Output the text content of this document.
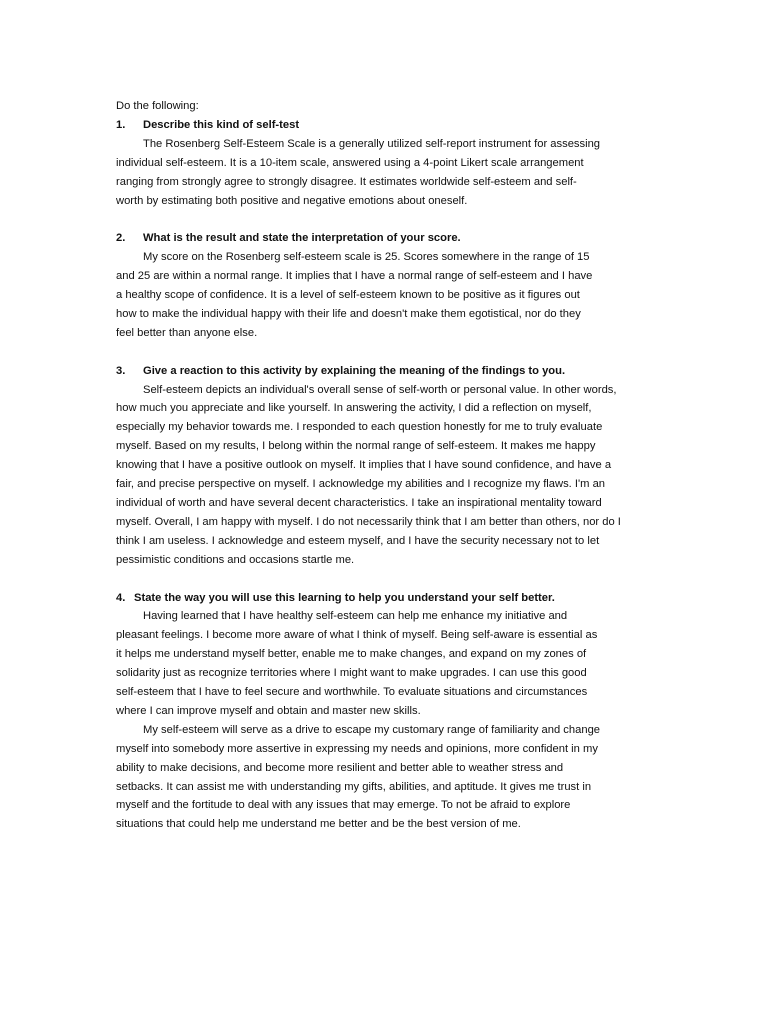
Do the following:
1. Describe this kind of self-test
The Rosenberg Self-Esteem Scale is a generally utilized self-report instrument for assessing
individual self-esteem. It is a 10-item scale, answered using a 4-point Likert scale arrangement
ranging from strongly agree to strongly disagree. It estimates worldwide self-esteem and self-
worth by estimating both positive and negative emotions about oneself.
2. What is the result and state the interpretation of your score.
My score on the Rosenberg self-esteem scale is 25. Scores somewhere in the range of 15
and 25 are within a normal range. It implies that I have a normal range of self-esteem and I have
a healthy scope of confidence. It is a level of self-esteem known to be positive as it figures out
how to make the individual happy with their life and doesn't make them egotistical, nor do they
feel better than anyone else.
3. Give a reaction to this activity by explaining the meaning of the findings to you.
Self-esteem depicts an individual's overall sense of self-worth or personal value. In other words,
how much you appreciate and like yourself. In answering the activity, I did a reflection on myself,
especially my behavior towards me. I responded to each question honestly for me to truly evaluate
myself. Based on my results, I belong within the normal range of self-esteem. It makes me happy
knowing that I have a positive outlook on myself. It implies that I have sound confidence, and have a
fair, and precise perspective on myself. I acknowledge my abilities and I recognize my flaws. I'm an
individual of worth and have several decent characteristics. I take an inspirational mentality toward
myself. Overall, I am happy with myself. I do not necessarily think that I am better than others, nor do I
think I am useless. I acknowledge and esteem myself, and I have the security necessary not to let
pessimistic conditions and occasions startle me.
4. State the way you will use this learning to help you understand your self better.
Having learned that I have healthy self-esteem can help me enhance my initiative and
pleasant feelings. I become more aware of what I think of myself. Being self-aware is essential as
it helps me understand myself better, enable me to make changes, and expand on my zones of
solidarity just as recognize territories where I might want to make upgrades. I can use this good
self-esteem that I have to feel secure and worthwhile. To evaluate situations and circumstances
where I can improve myself and obtain and master new skills.
My self-esteem will serve as a drive to escape my customary range of familiarity and change
myself into somebody more assertive in expressing my needs and opinions, more confident in my
ability to make decisions, and become more resilient and better able to weather stress and
setbacks. It can assist me with understanding my gifts, abilities, and aptitude. It gives me trust in
myself and the fortitude to deal with any issues that may emerge. To not be afraid to explore
situations that could help me understand me better and be the best version of me.
